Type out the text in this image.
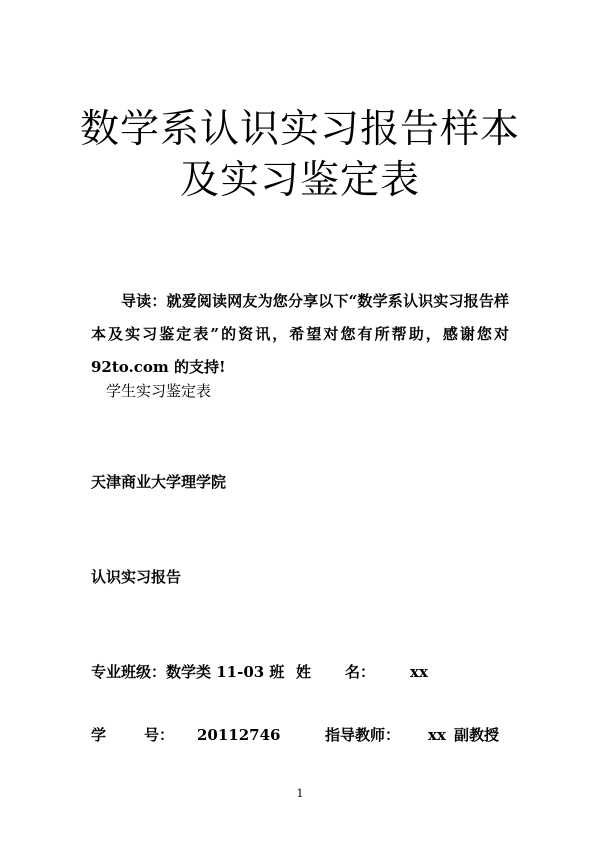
数学系认识实习报告样本
及实习鉴定表

导读：就爱阅读网友为您分享以下“数学系认识实习报告样本及实习鉴定表”的资讯，希望对您有所帮助，感谢您对 92to.com 的支持!

学生实习鉴定表
天津商业大学理学院
认识实习报告
专业班级： 数学类 11-03 班 姓 名： xx
学	号： 20112746	指导教师： xx 副教授
1
